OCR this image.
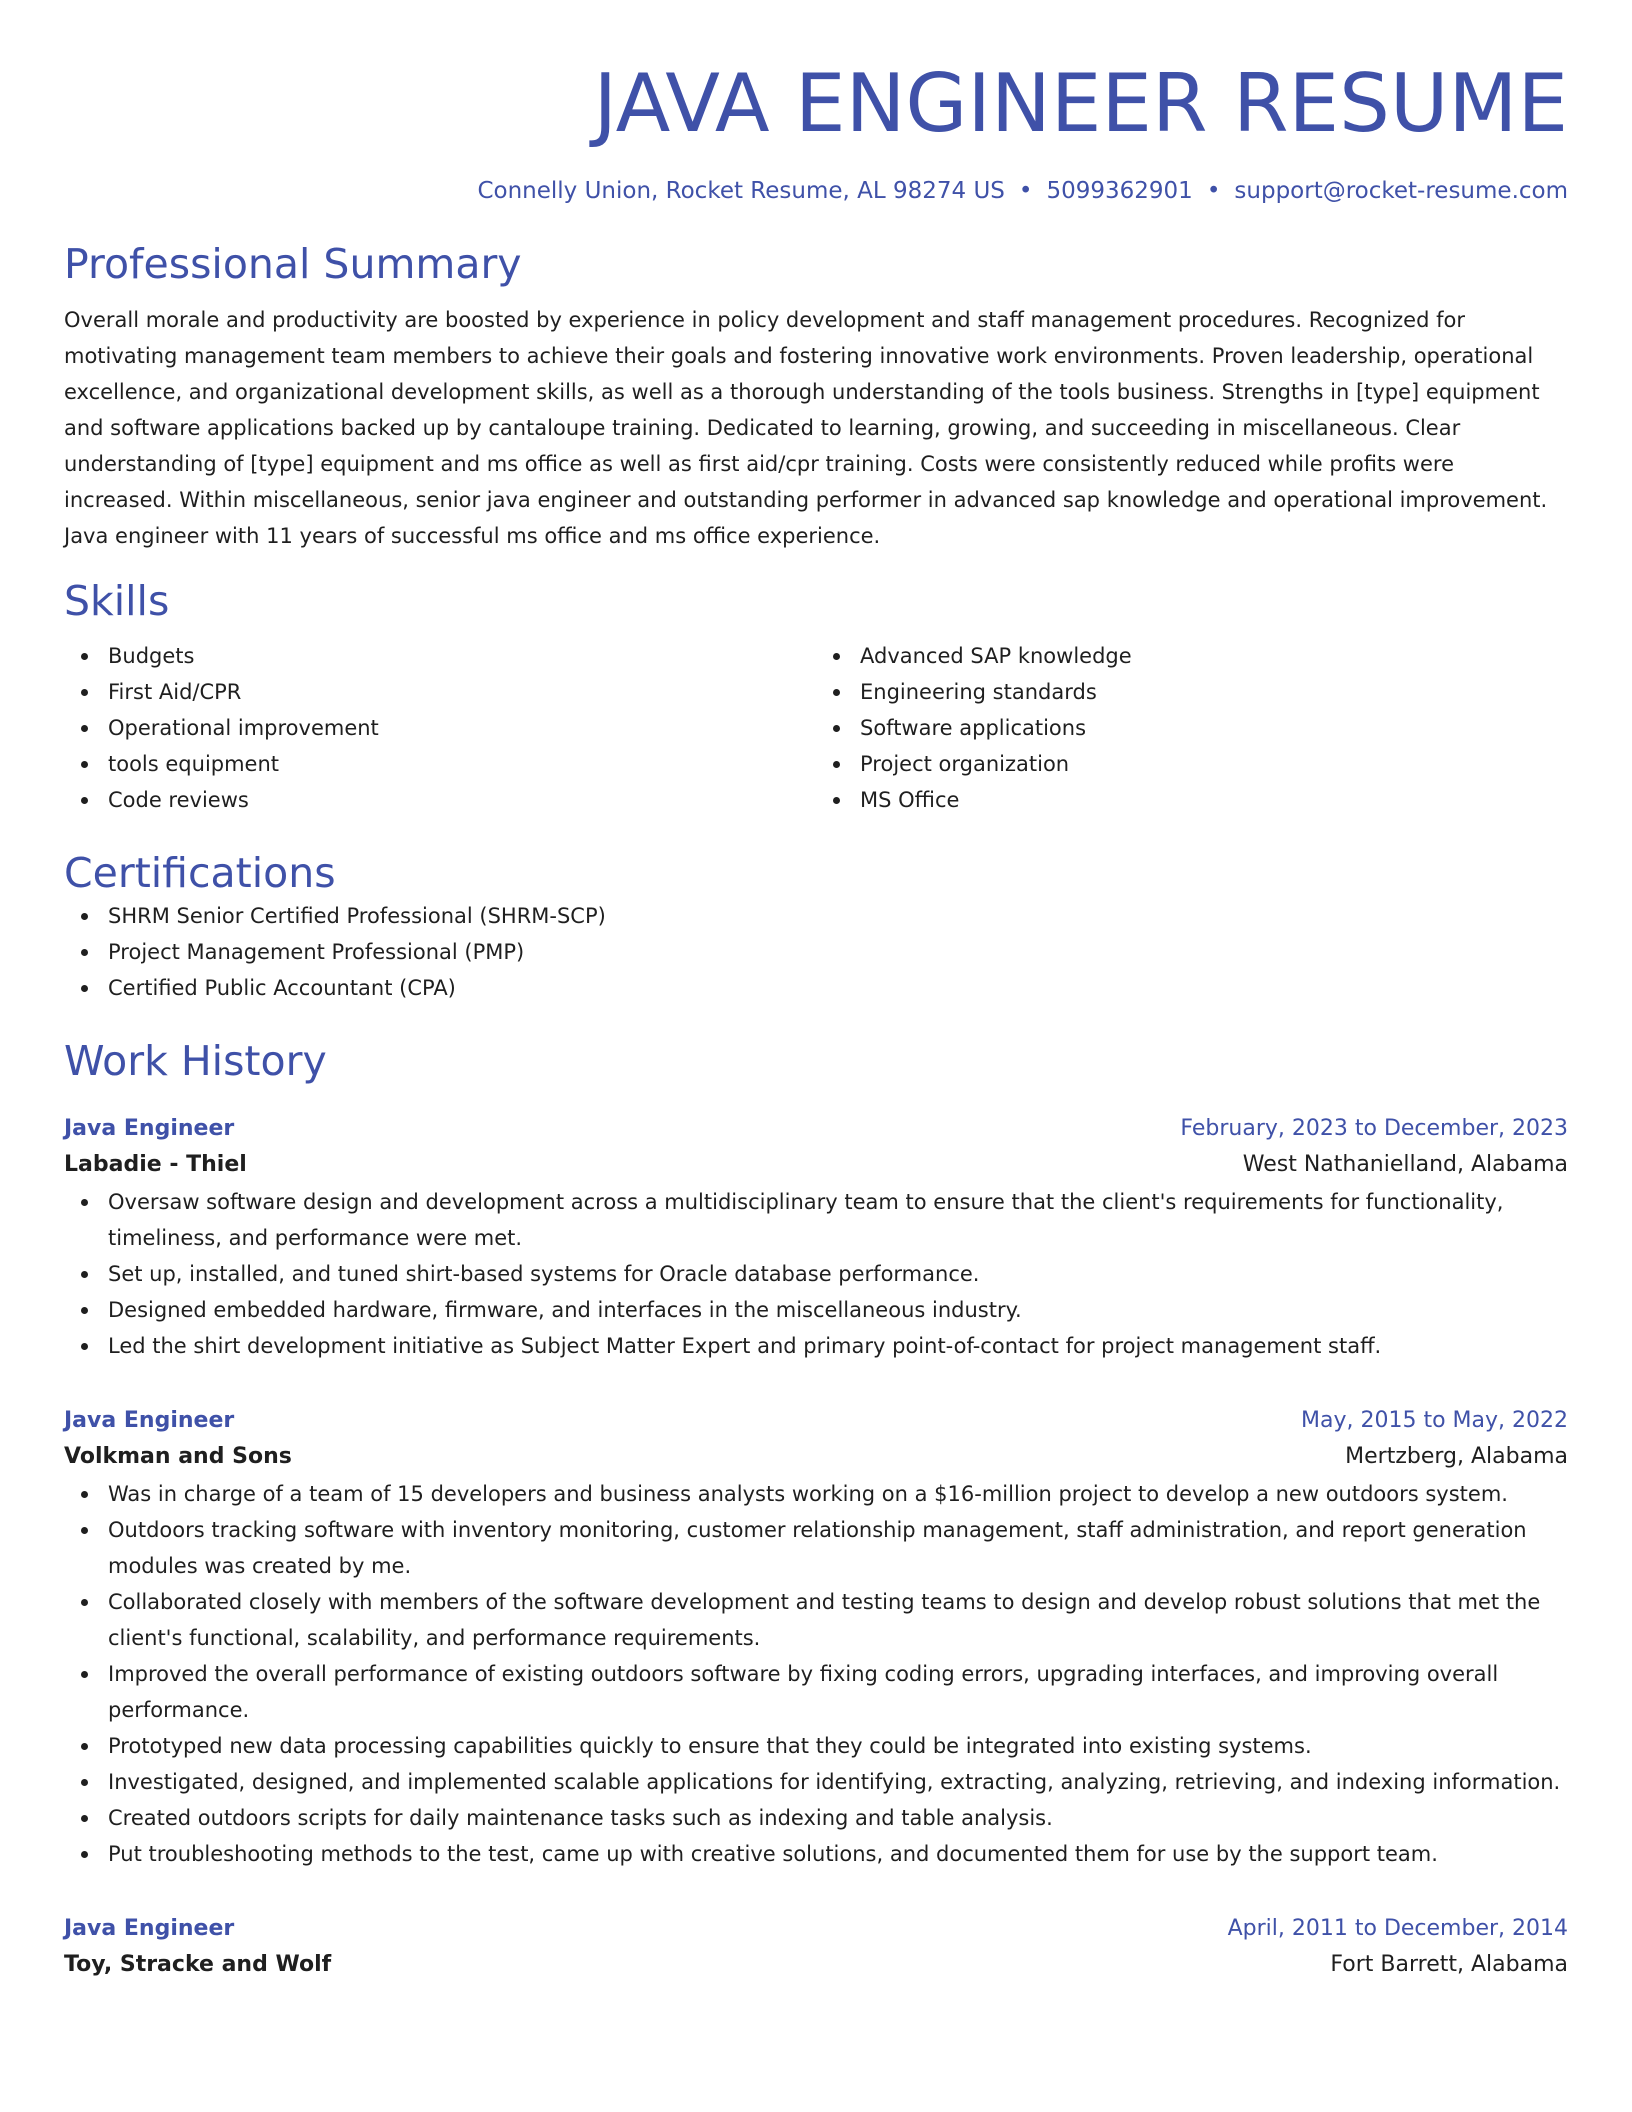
JAVA ENGINEER RESUME
Connelly Union, Rocket Resume, AL 98274 US • 5099362901 • support@rocket-resume.com
Professional Summary
Overall morale and productivity are boosted by experience in policy development and staff management procedures. Recognized for motivating management team members to achieve their goals and fostering innovative work environments. Proven leadership, operational excellence, and organizational development skills, as well as a thorough understanding of the tools business. Strengths in [type] equipment and software applications backed up by cantaloupe training. Dedicated to learning, growing, and succeeding in miscellaneous. Clear understanding of [type] equipment and ms office as well as first aid/cpr training. Costs were consistently reduced while profits were increased. Within miscellaneous, senior java engineer and outstanding performer in advanced sap knowledge and operational improvement. Java engineer with 11 years of successful ms office and ms office experience.
Skills
Budgets
First Aid/CPR
Operational improvement
tools equipment
Code reviews
Advanced SAP knowledge
Engineering standards
Software applications
Project organization
MS Office
Certifications
SHRM Senior Certified Professional (SHRM-SCP)
Project Management Professional (PMP)
Certified Public Accountant (CPA)
Work History
Java Engineer	February, 2023 to December, 2023
Labadie - Thiel	West Nathanielland, Alabama
Oversaw software design and development across a multidisciplinary team to ensure that the client's requirements for functionality, timeliness, and performance were met.
Set up, installed, and tuned shirt-based systems for Oracle database performance.
Designed embedded hardware, firmware, and interfaces in the miscellaneous industry.
Led the shirt development initiative as Subject Matter Expert and primary point-of-contact for project management staff.
Java Engineer	May, 2015 to May, 2022
Volkman and Sons	Mertzberg, Alabama
Was in charge of a team of 15 developers and business analysts working on a $16-million project to develop a new outdoors system.
Outdoors tracking software with inventory monitoring, customer relationship management, staff administration, and report generation modules was created by me.
Collaborated closely with members of the software development and testing teams to design and develop robust solutions that met the client's functional, scalability, and performance requirements.
Improved the overall performance of existing outdoors software by fixing coding errors, upgrading interfaces, and improving overall performance.
Prototyped new data processing capabilities quickly to ensure that they could be integrated into existing systems.
Investigated, designed, and implemented scalable applications for identifying, extracting, analyzing, retrieving, and indexing information.
Created outdoors scripts for daily maintenance tasks such as indexing and table analysis.
Put troubleshooting methods to the test, came up with creative solutions, and documented them for use by the support team.
Java Engineer	April, 2011 to December, 2014
Toy, Stracke and Wolf	Fort Barrett, Alabama
